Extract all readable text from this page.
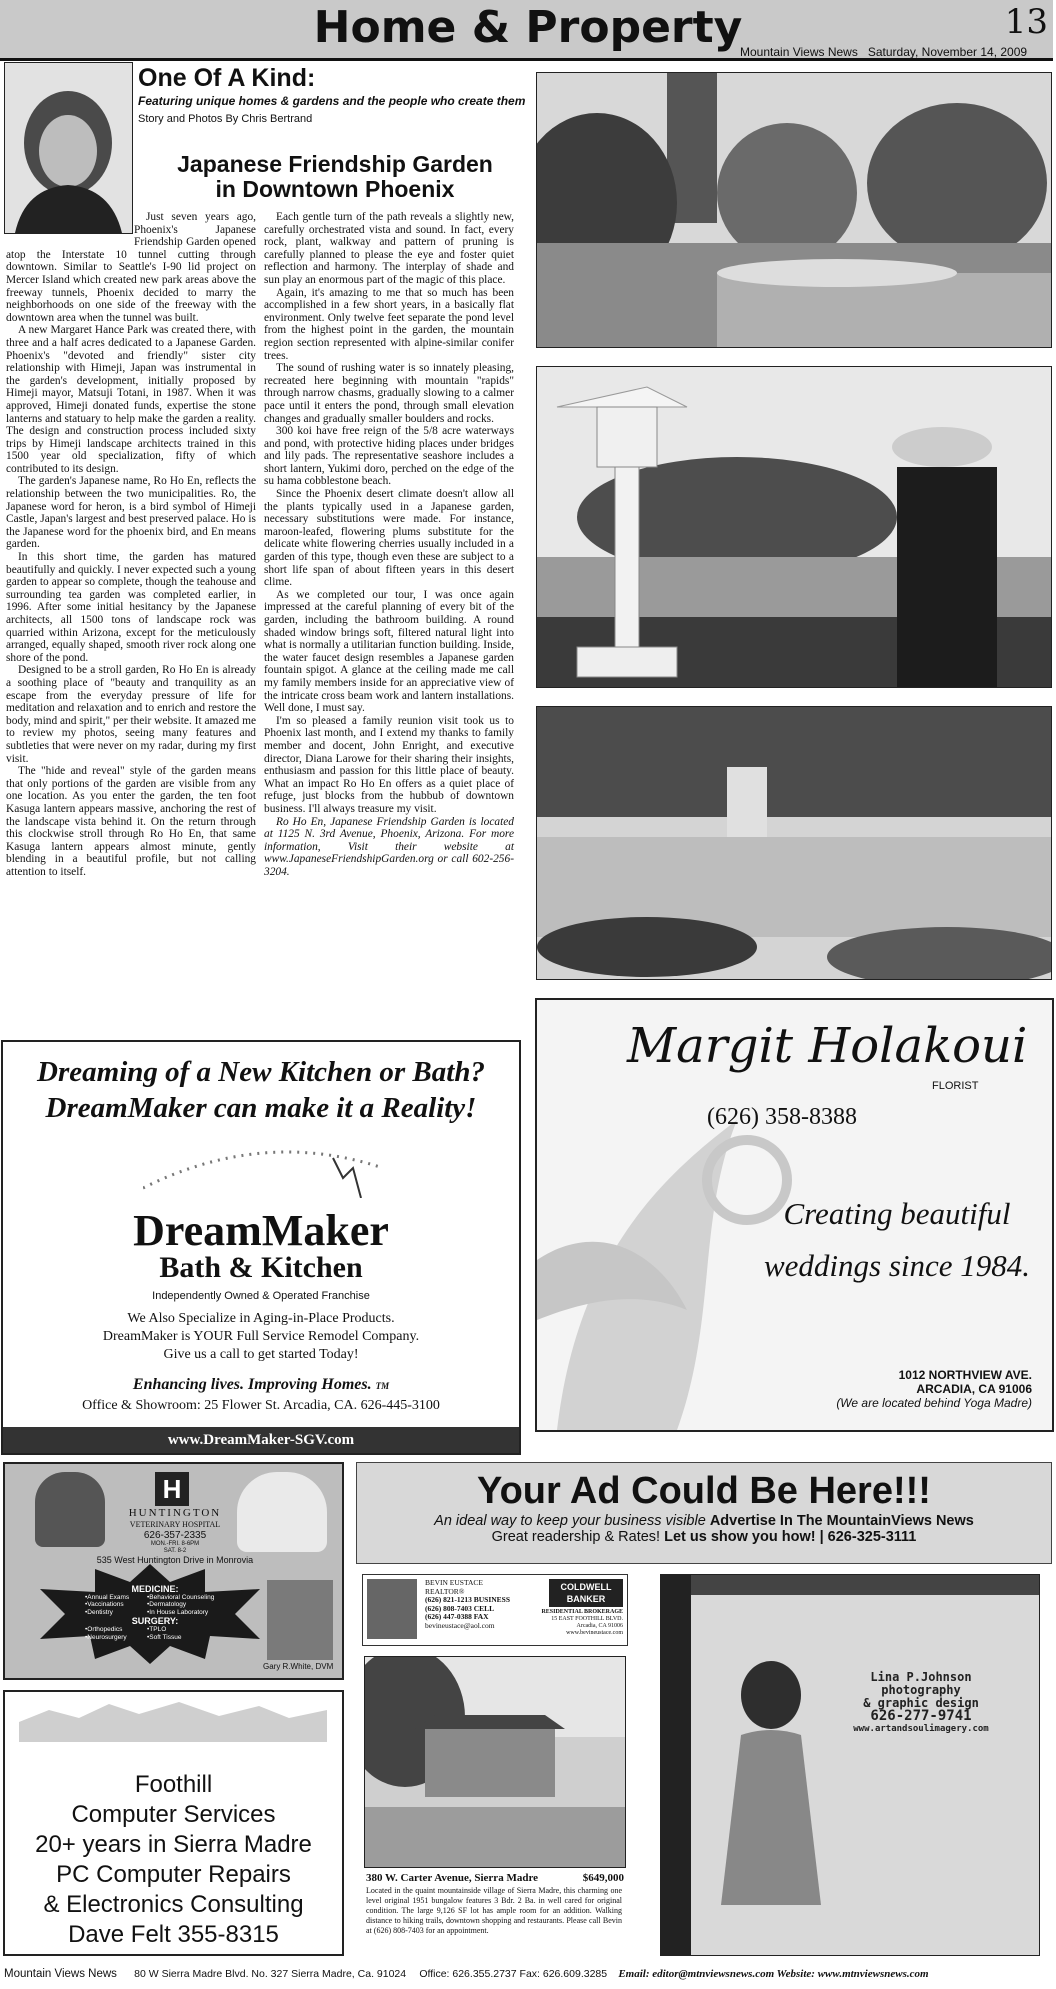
Home & Property	13
Mountain Views News Saturday, November 14, 2009
One Of A Kind:
Featuring unique homes & gardens and the people who create them
Story and Photos By Chris Bertrand
Japanese Friendship Garden
in Downtown Phoenix

Just seven years ago, Phoenix's Japanese Friendship Garden opened atop the Interstate 10 tunnel cutting through downtown. Similar to Seattle's I-90 lid project on Mercer Island which created new park areas above the freeway tunnels, Phoenix decided to marry the neighborhoods on one side of the freeway with the downtown area when the tunnel was built.

A new Margaret Hance Park was created there, with three and a half acres dedicated to a Japanese Garden. Phoenix's "devoted and friendly" sister city relationship with Himeji, Japan was instrumental in the garden's development, initially proposed by Himeji mayor, Matsuji Totani, in 1987. When it was approved, Himeji donated funds, expertise the stone lanterns and statuary to help make the garden a reality. The design and construction process included sixty trips by Himeji landscape architects trained in this 1500 year old specialization, fifty of which contributed to its design.

The garden's Japanese name, Ro Ho En, reflects the relationship between the two municipalities. Ro, the Japanese word for heron, is a bird symbol of Himeji Castle, Japan's largest and best preserved palace. Ho is the Japanese word for the phoenix bird, and En means garden.

In this short time, the garden has matured beautifully and quickly. I never expected such a young garden to appear so complete, though the teahouse and surrounding tea garden was completed earlier, in 1996. After some initial hesitancy by the Japanese architects, all 1500 tons of landscape rock was quarried within Arizona, except for the meticulously arranged, equally shaped, smooth river rock along one shore of the pond.

Designed to be a stroll garden, Ro Ho En is already a soothing place of "beauty and tranquility as an escape from the everyday pressure of life for meditation and relaxation and to enrich and restore the body, mind and spirit," per their website. It amazed me to review my photos, seeing many features and subtleties that were never on my radar, during my first visit.

The "hide and reveal" style of the garden means that only portions of the garden are visible from any one location. As you enter the garden, the ten foot Kasuga lantern appears massive, anchoring the rest of the landscape vista behind it. On the return through this clockwise stroll through Ro Ho En, that same Kasuga lantern appears almost minute, gently blending in a beautiful profile, but not calling attention to itself.

Each gentle turn of the path reveals a slightly new, carefully orchestrated vista and sound. In fact, every rock, plant, walkway and pattern of pruning is carefully planned to please the eye and foster quiet reflection and harmony. The interplay of shade and sun play an enormous part of the magic of this place.

Again, it's amazing to me that so much has been accomplished in a few short years, in a basically flat environment. Only twelve feet separate the pond level from the highest point in the garden, the mountain region section represented with alpine-similar conifer trees.

The sound of rushing water is so innately pleasing, recreated here beginning with mountain "rapids" through narrow chasms, gradually slowing to a calmer pace until it enters the pond, through small elevation changes and gradually smaller boulders and rocks.

300 koi have free reign of the 5/8 acre waterways and pond, with protective hiding places under bridges and lily pads. The representative seashore includes a short lantern, Yukimi doro, perched on the edge of the su hama cobblestone beach.

Since the Phoenix desert climate doesn't allow all the plants typically used in a Japanese garden, necessary substitutions were made. For instance, maroon-leafed, flowering plums substitute for the delicate white flowering cherries usually included in a garden of this type, though even these are subject to a short life span of about fifteen years in this desert clime.

As we completed our tour, I was once again impressed at the careful planning of every bit of the garden, including the bathroom building. A round shaded window brings soft, filtered natural light into what is normally a utilitarian function building. Inside, the water faucet design resembles a Japanese garden fountain spigot. A glance at the ceiling made me call my family members inside for an appreciative view of the intricate cross beam work and lantern installations. Well done, I must say.

I'm so pleased a family reunion visit took us to Phoenix last month, and I extend my thanks to family member and docent, John Enright, and executive director, Diana Larowe for their sharing their insights, enthusiasm and passion for this little place of beauty. What an impact Ro Ho En offers as a quiet place of refuge, just blocks from the hubbub of downtown business. I'll always treasure my visit.

Ro Ho En, Japanese Friendship Garden is located at 1125 N. 3rd Avenue, Phoenix, Arizona. For more information, Visit their website at www.JapaneseFriendshipGarden.org or call 602-256-3204.

Dreaming of a New Kitchen or Bath?
DreamMaker can make it a Reality!
DreamMaker
Bath & Kitchen
Independently Owned & Operated Franchise
We Also Specialize in Aging-in-Place Products.
DreamMaker is YOUR Full Service Remodel Company.
Give us a call to get started Today!
Enhancing lives. Improving Homes. TM
Office & Showroom: 25 Flower St. Arcadia, CA. 626-445-3100
www.DreamMaker-SGV.com
Margit Holakoui
FLORIST
(626) 358-8388
Creating beautiful
weddings since 1984.
1012 NORTHVIEW AVE.
ARCADIA, CA 91006
(We are located behind Yoga Madre)
H
HUNTINGTON
VETERINARY HOSPITAL
626-357-2335
MON.-FRI. 8-6PM
SAT. 8-2
535 West Huntington Drive in Monrovia
MEDICINE:
•Annual Exams	•Behavioral Counseling
•Vaccinations	•Dermatology
•Dentistry	•In House Laboratory
SURGERY:
•Orthopedics	•TPLO
•Neurosurgery	•Soft Tissue
Gary R.White, DVM
Your Ad Could Be Here!!!
An ideal way to keep your business visible Advertise In The MountainViews News
Great readership & Rates! Let us show you how! | 626-325-3111
BEVIN EUSTACE
REALTOR®
(626) 821-1213 BUSINESS
(626) 808-7403 CELL
(626) 447-0388 FAX
bevineustace@aol.com
COLDWELL
BANKER
RESIDENTIAL BROKERAGE
15 EAST FOOTHILL BLVD.
Arcadia, CA 91006
www.bevineustace.com
380 W. Carter Avenue, Sierra Madre	$649,000
Located in the quaint mountainside village of Sierra Madre, this charming one level original 1951 bungalow features 3 Bdr. 2 Ba. in well cared for original condition. The large 9,126 SF lot has ample room for an addition. Walking distance to hiking trails, downtown shopping and restaurants. Please call Bevin at (626) 808-7403 for an appointment.
Lina P.Johnson
photography
& graphic design
626-277-9741
www.artandsoulimagery.com
Foothill
Computer Services
20+ years in Sierra Madre
PC Computer Repairs
& Electronics Consulting
Dave Felt 355-8315
Mountain Views News 80 W Sierra Madre Blvd. No. 327 Sierra Madre, Ca. 91024 Office: 626.355.2737 Fax: 626.609.3285 Email: editor@mtnviewsnews.com Website: www.mtnviewsnews.com
